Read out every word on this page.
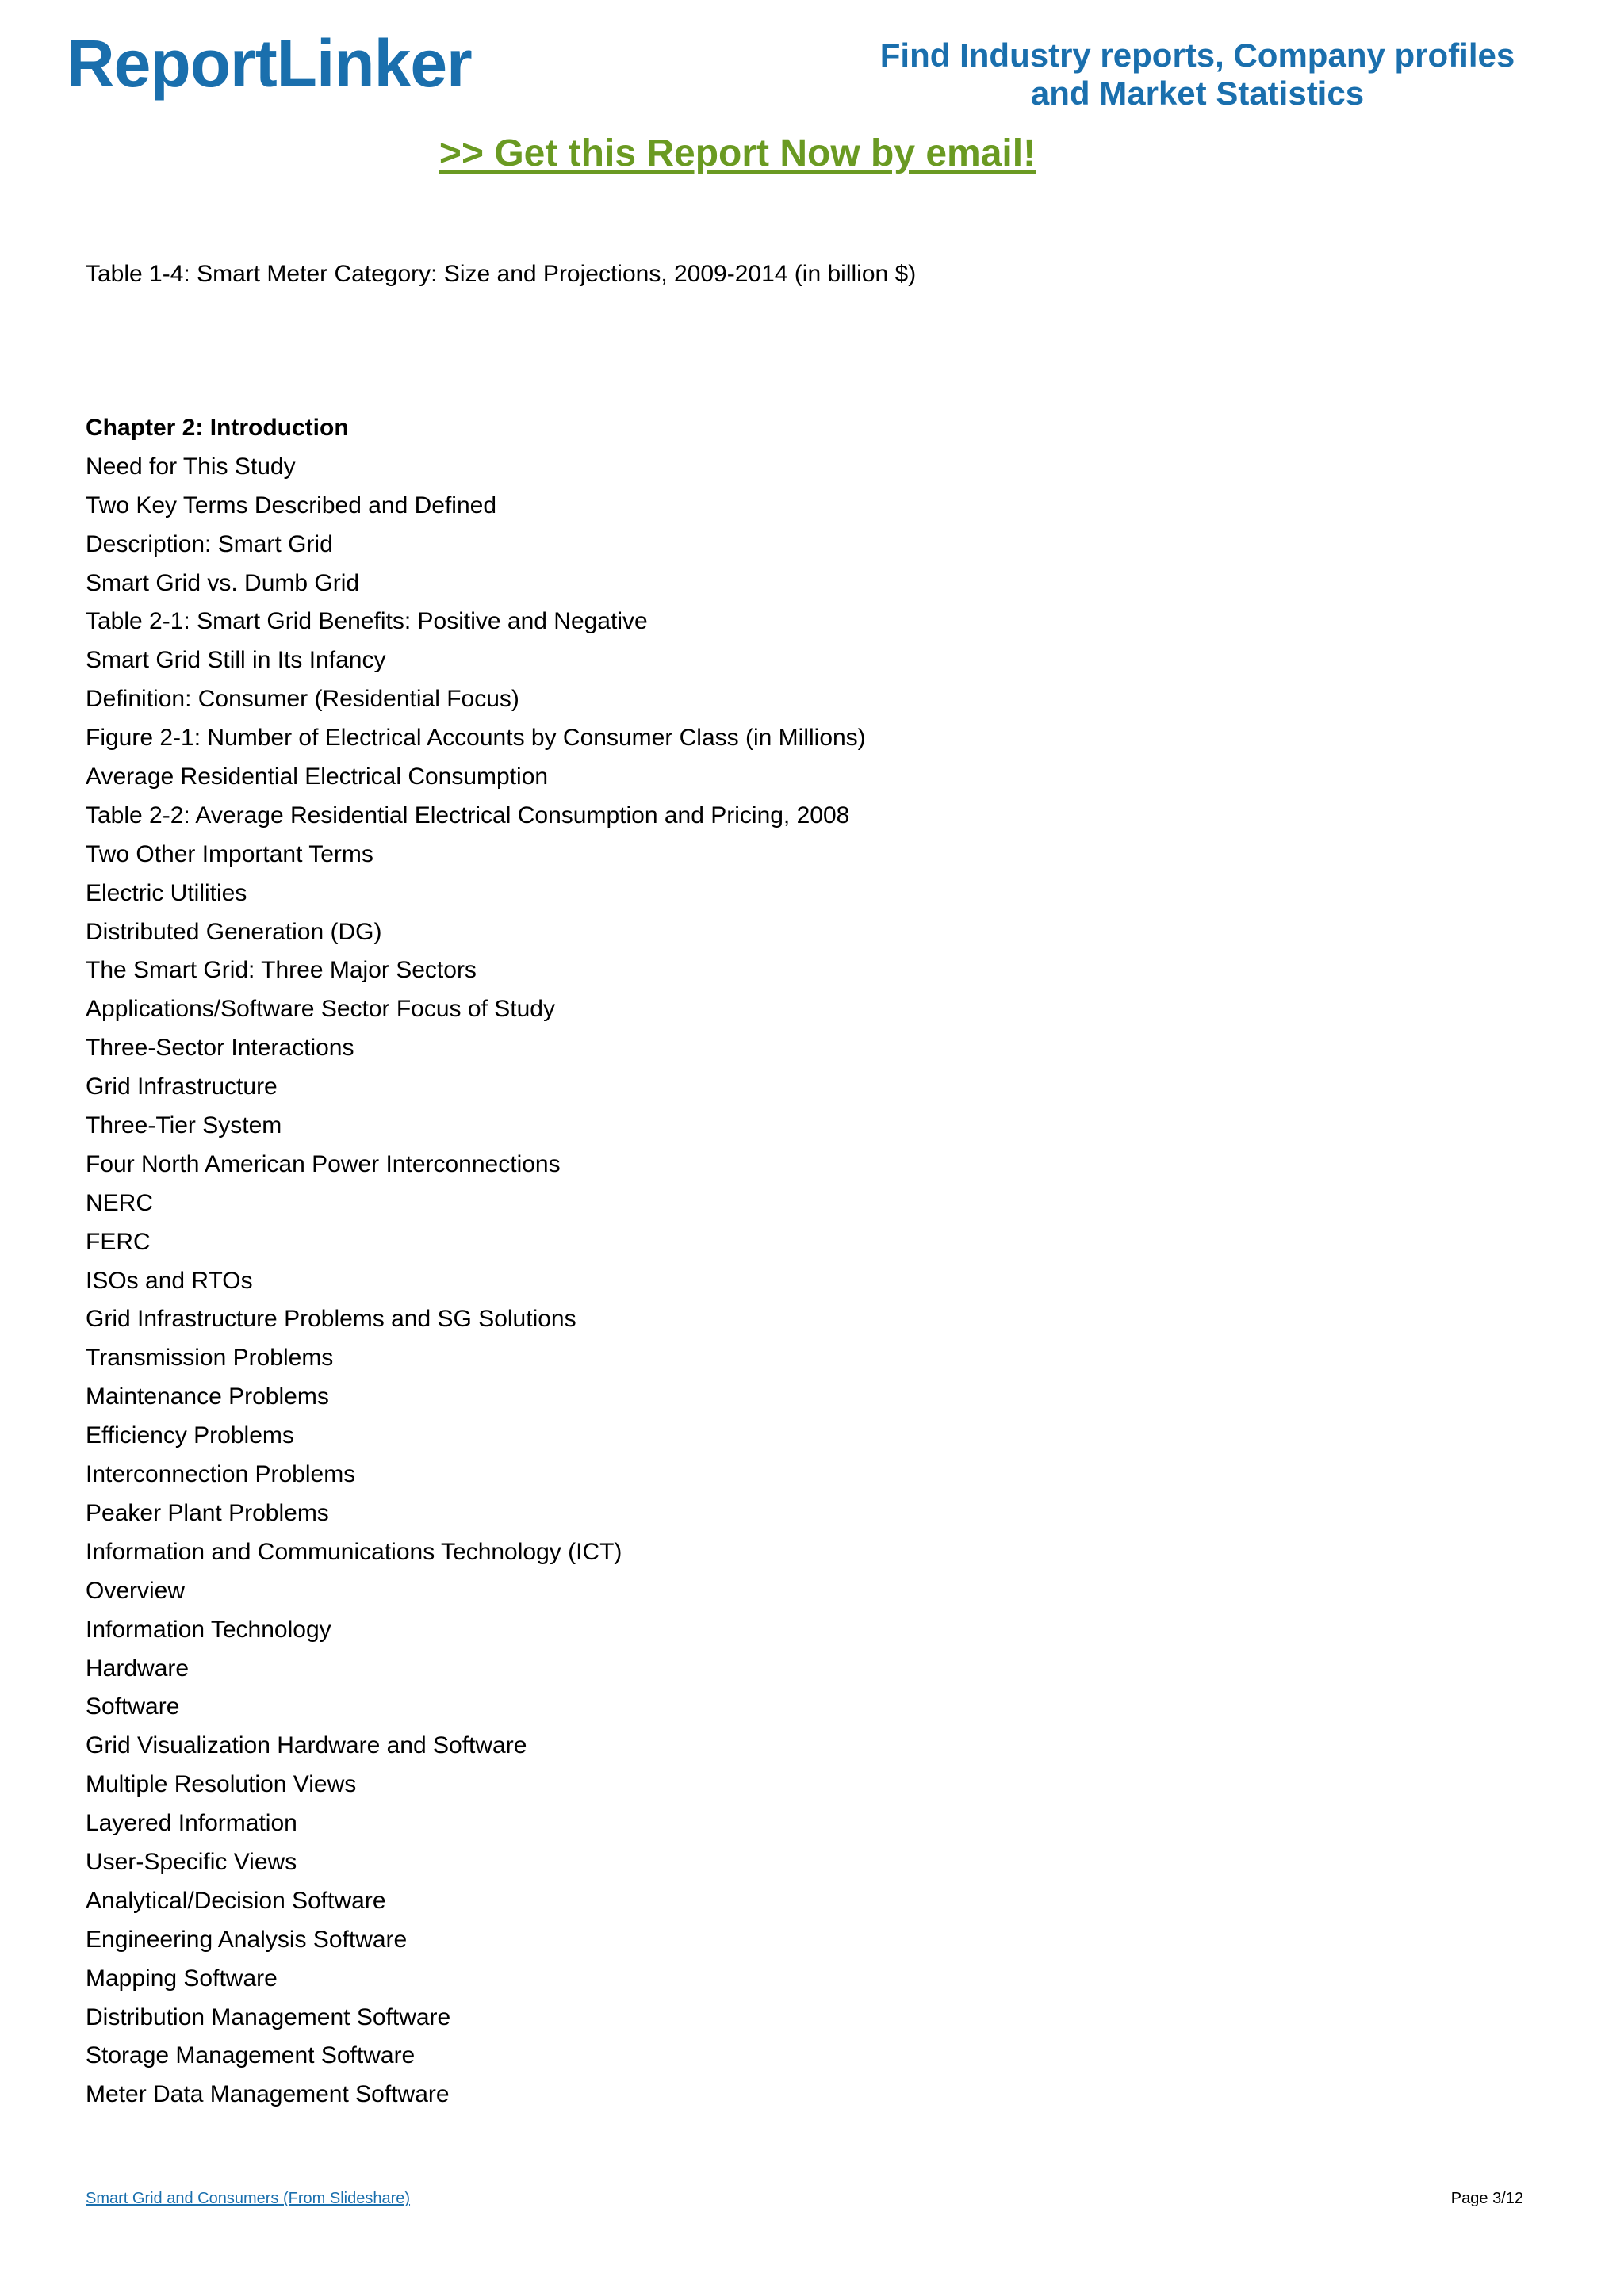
ReportLinker	Find Industry reports, Company profiles
and Market Statistics
>> Get this Report Now by email!
Table 1-4: Smart Meter Category: Size and Projections, 2009-2014 (in billion $)
Chapter 2: Introduction
Need for This Study
Two Key Terms Described and Defined
Description: Smart Grid
Smart Grid vs. Dumb Grid
Table 2-1: Smart Grid Benefits: Positive and Negative
Smart Grid Still in Its Infancy
Definition: Consumer (Residential Focus)
Figure 2-1: Number of Electrical Accounts by Consumer Class (in Millions)
Average Residential Electrical Consumption
Table 2-2: Average Residential Electrical Consumption and Pricing, 2008
Two Other Important Terms
Electric Utilities
Distributed Generation (DG)
The Smart Grid: Three Major Sectors
Applications/Software Sector Focus of Study
Three-Sector Interactions
Grid Infrastructure
Three-Tier System
Four North American Power Interconnections
NERC
FERC
ISOs and RTOs
Grid Infrastructure Problems and SG Solutions
Transmission Problems
Maintenance Problems
Efficiency Problems
Interconnection Problems
Peaker Plant Problems
Information and Communications Technology (ICT)
Overview
Information Technology
Hardware
Software
Grid Visualization Hardware and Software
Multiple Resolution Views
Layered Information
User-Specific Views
Analytical/Decision Software
Engineering Analysis Software
Mapping Software
Distribution Management Software
Storage Management Software
Meter Data Management Software
Smart Grid and Consumers (From Slideshare)	Page 3/12
